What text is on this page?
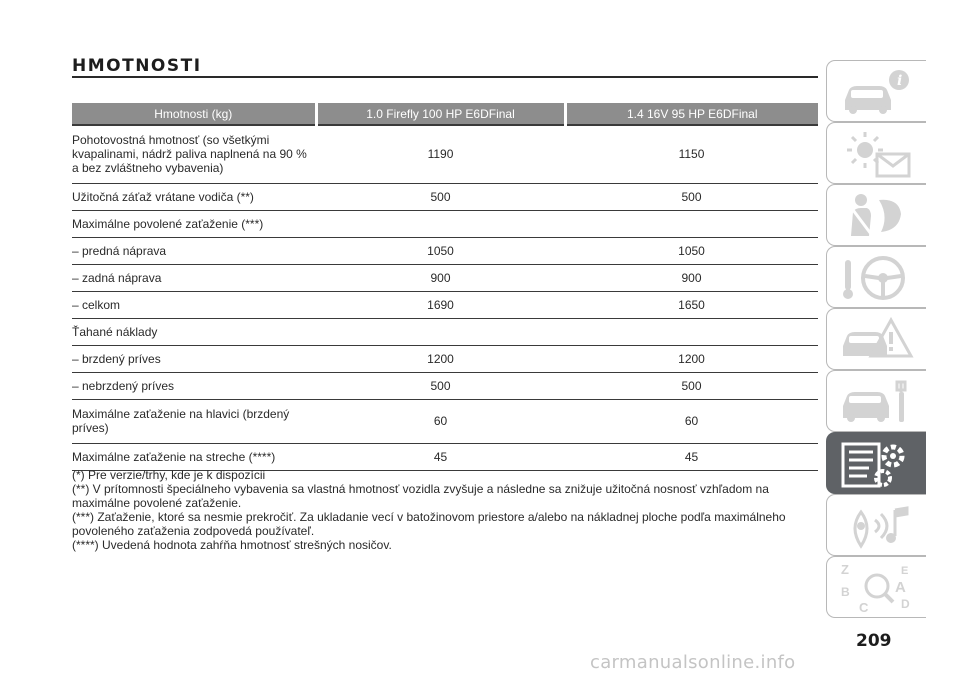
HMOTNOSTI
Hmotnosti (kg)	1.0 Firefly 100 HP E6DFinal	1.4 16V 95 HP E6DFinal
Pohotovostná hmotnosť (so všetkými kvapalinami, nádrž paliva naplnená na 90 % a bez zvláštneho vybavenia)	1190	1150
Užitočná záťaž vrátane vodiča (**)	500	500
Maximálne povolené zaťaženie (***)		
– predná náprava	1050	1050
– zadná náprava	900	900
– celkom	1690	1650
Ťahané náklady		
– brzdený príves	1200	1200
– nebrzdený príves	500	500
Maximálne zaťaženie na hlavici (brzdený príves)	60	60
Maximálne zaťaženie na streche (****)	45	45

(*) Pre verzie/trhy, kde je k dispozícii

(**) V prítomnosti špeciálneho vybavenia sa vlastná hmotnosť vozidla zvyšuje a následne sa znižuje užitočná nosnosť vzhľadom na maximálne povolené zaťaženie.

(***) Zaťaženie, ktoré sa nesmie prekročiť. Za ukladanie vecí v batožinovom priestore a/alebo na nákladnej ploche podľa maximálneho povoleného zaťaženia zodpovedá používateľ.

(****) Uvedená hodnota zahŕňa hmotnosť strešných nosičov.

i
Z	E
B	A
C	D
209
carmanualsonline.info
